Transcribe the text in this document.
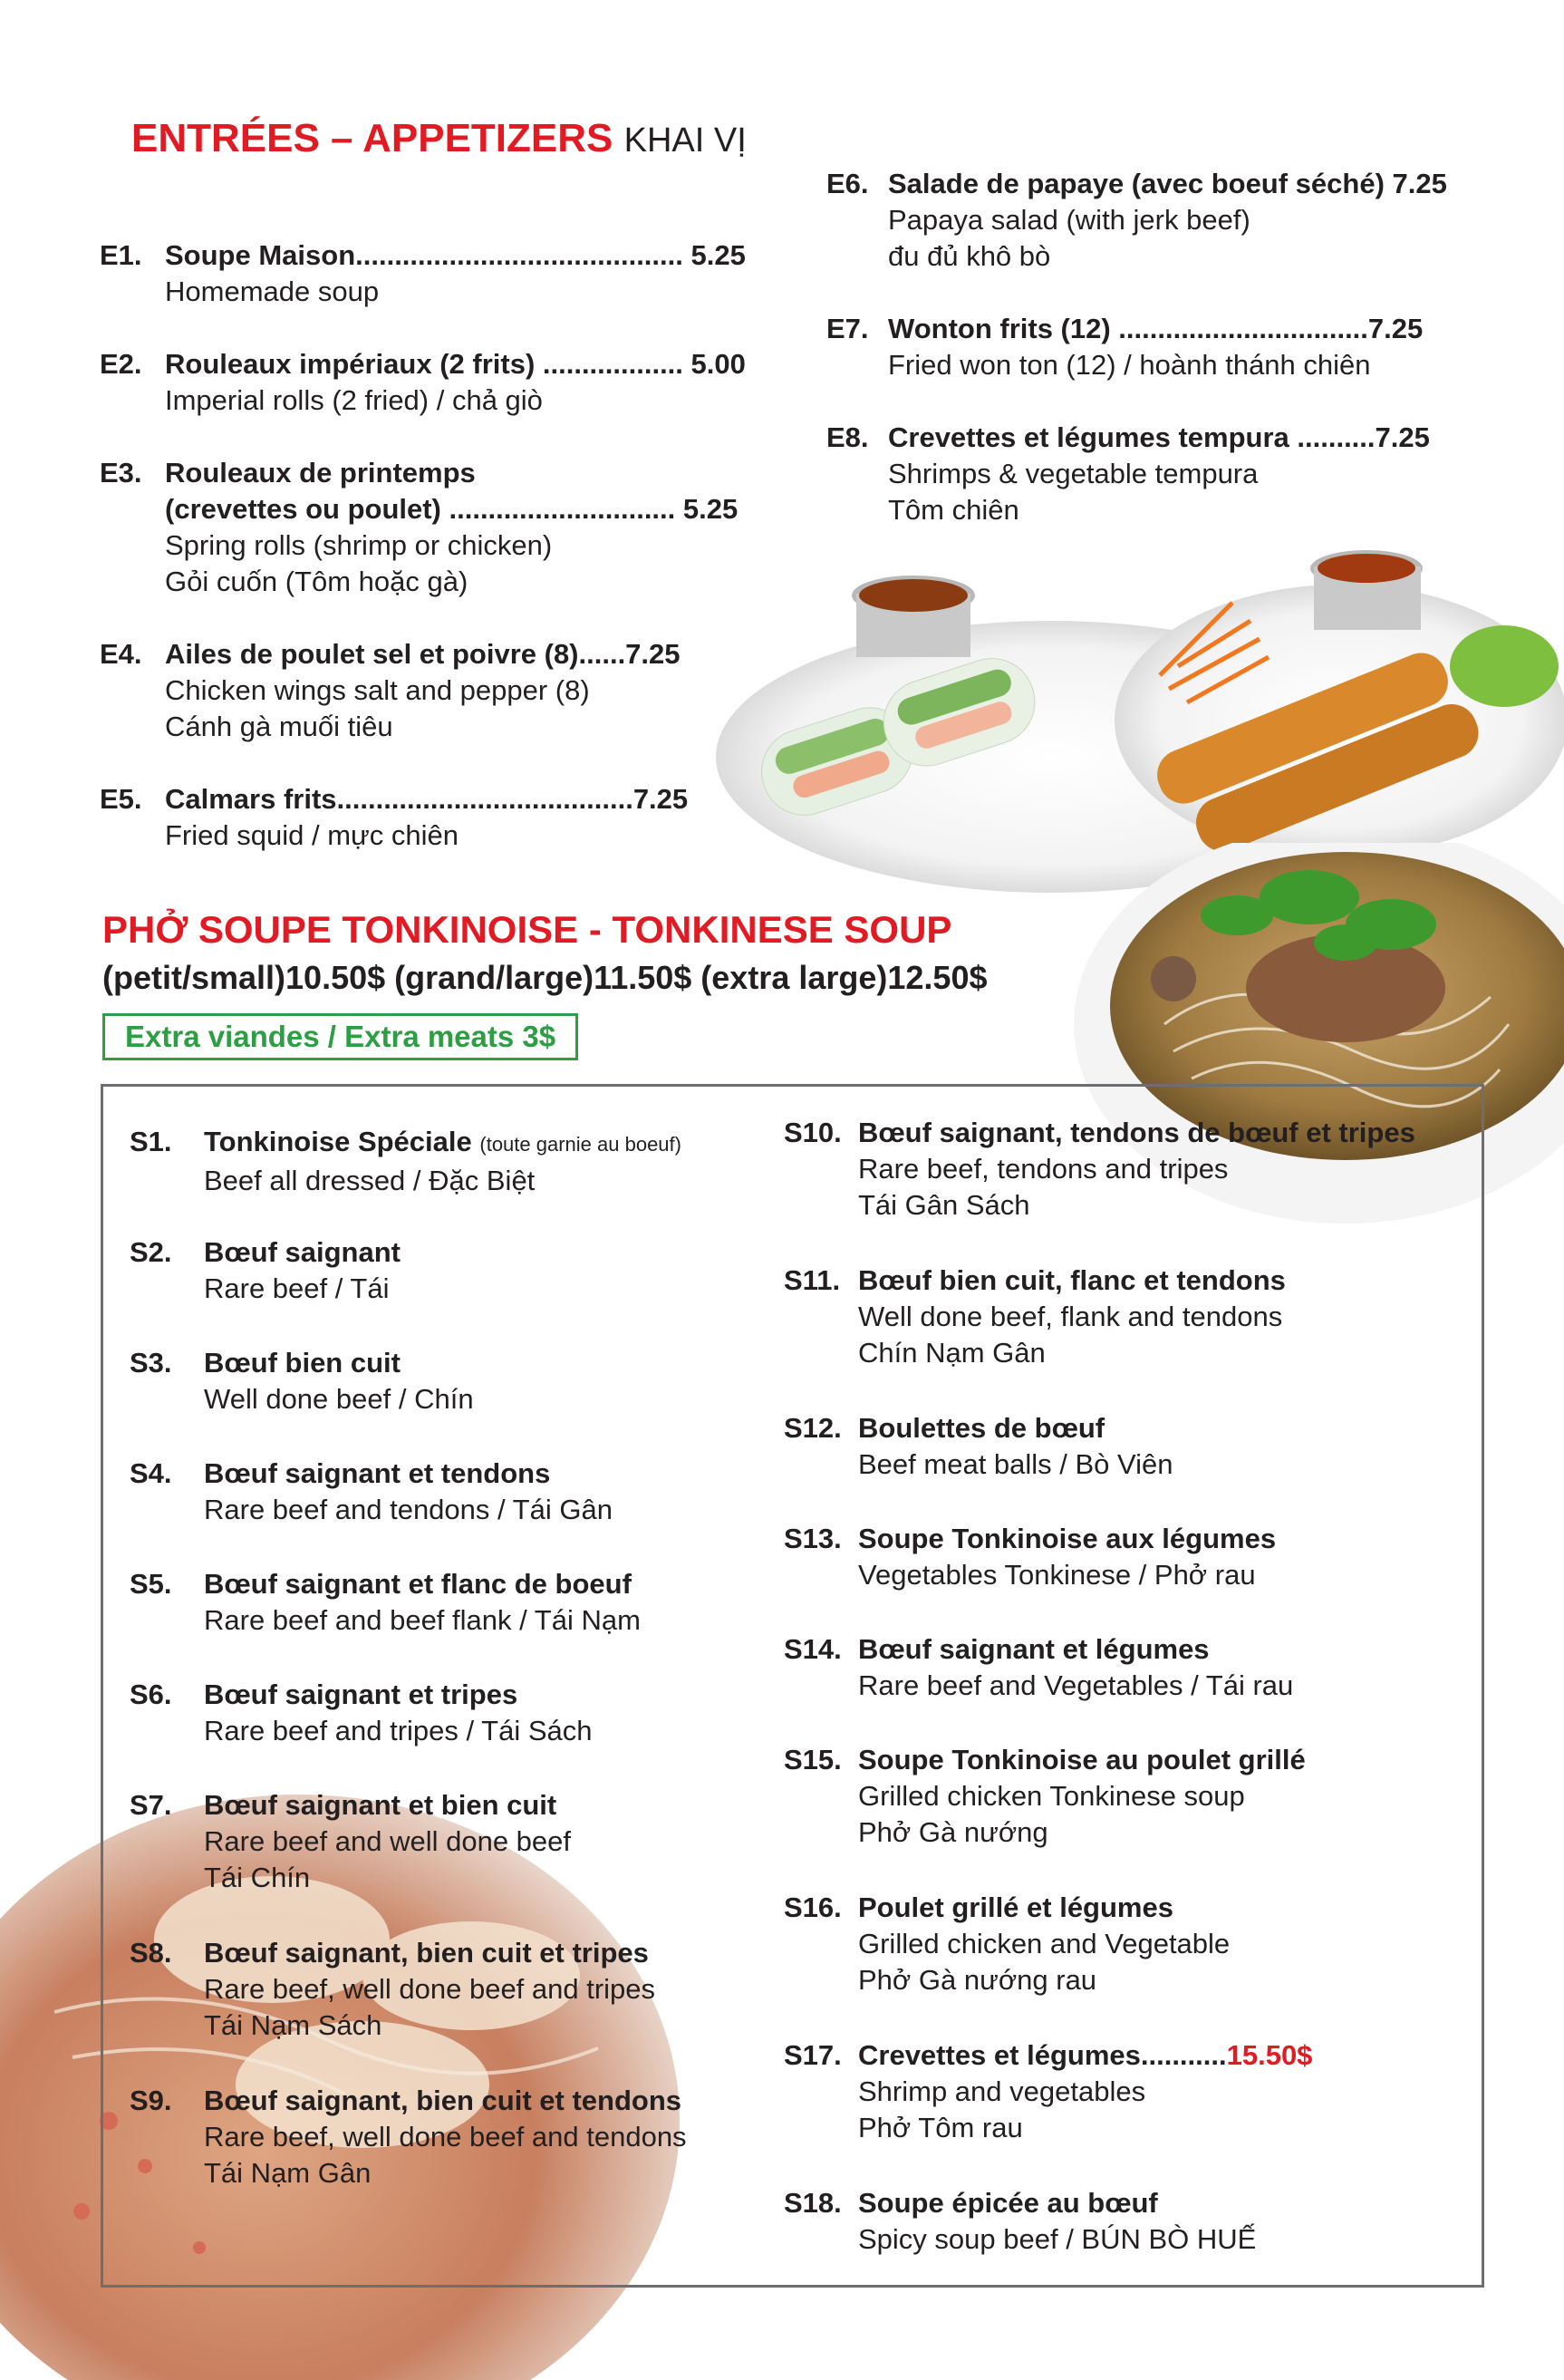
ENTRÉES – APPETIZERS KHAI VỊ
E1. Soupe Maison.......................................... 5.25
Homemade soup
E2. Rouleaux impériaux (2 frits) .................. 5.00
Imperial rolls (2 fried) / chả giò
E3. Rouleaux de printemps
(crevettes ou poulet) ............................. 5.25
Spring rolls (shrimp or chicken)
Gỏi cuốn (Tôm hoặc gà)
E4. Ailes de poulet sel et poivre (8)......7.25
Chicken wings salt and pepper (8)
Cánh gà muối tiêu
E5. Calmars frits......................................7.25
Fried squid / mực chiên
E6. Salade de papaye (avec boeuf séché) 7.25
Papaya salad (with jerk beef)
đu đủ khô bò
E7. Wonton frits (12) ................................7.25
Fried won ton (12) / hoành thánh chiên
E8. Crevettes et légumes tempura ..........7.25
Shrimps & vegetable tempura
Tôm chiên
PHỞ SOUPE TONKINOISE - TONKINESE SOUP
(petit/small)10.50$ (grand/large)11.50$ (extra large)12.50$
Extra viandes / Extra meats 3$
S1. Tonkinoise Spéciale (toute garnie au boeuf)
Beef all dressed / Đặc Biệt
S2. Bœuf saignant
Rare beef / Tái
S3. Bœuf bien cuit
Well done beef / Chín
S4. Bœuf saignant et tendons
Rare beef and tendons / Tái Gân
S5. Bœuf saignant et flanc de boeuf
Rare beef and beef flank / Tái Nạm
S6. Bœuf saignant et tripes
Rare beef and tripes / Tái Sách
S7. Bœuf saignant et bien cuit
Rare beef and well done beef
Tái Chín
S8. Bœuf saignant, bien cuit et tripes
Rare beef, well done beef and tripes
Tái Nạm Sách
S9. Bœuf saignant, bien cuit et tendons
Rare beef, well done beef and tendons
Tái Nạm Gân
S10. Bœuf saignant, tendons de bœuf et tripes
Rare beef, tendons and tripes
Tái Gân Sách
S11. Bœuf bien cuit, flanc et tendons
Well done beef, flank and tendons
Chín Nạm Gân
S12. Boulettes de bœuf
Beef meat balls / Bò Viên
S13. Soupe Tonkinoise aux légumes
Vegetables Tonkinese / Phở rau
S14. Bœuf saignant et légumes
Rare beef and Vegetables / Tái rau
S15. Soupe Tonkinoise au poulet grillé
Grilled chicken Tonkinese soup
Phở Gà nướng
S16. Poulet grillé et légumes
Grilled chicken and Vegetable
Phở Gà nướng rau
S17. Crevettes et légumes...........15.50$
Shrimp and vegetables
Phở Tôm rau
S18. Soupe épicée au bœuf
Spicy soup beef / BÚN BÒ HUẾ
